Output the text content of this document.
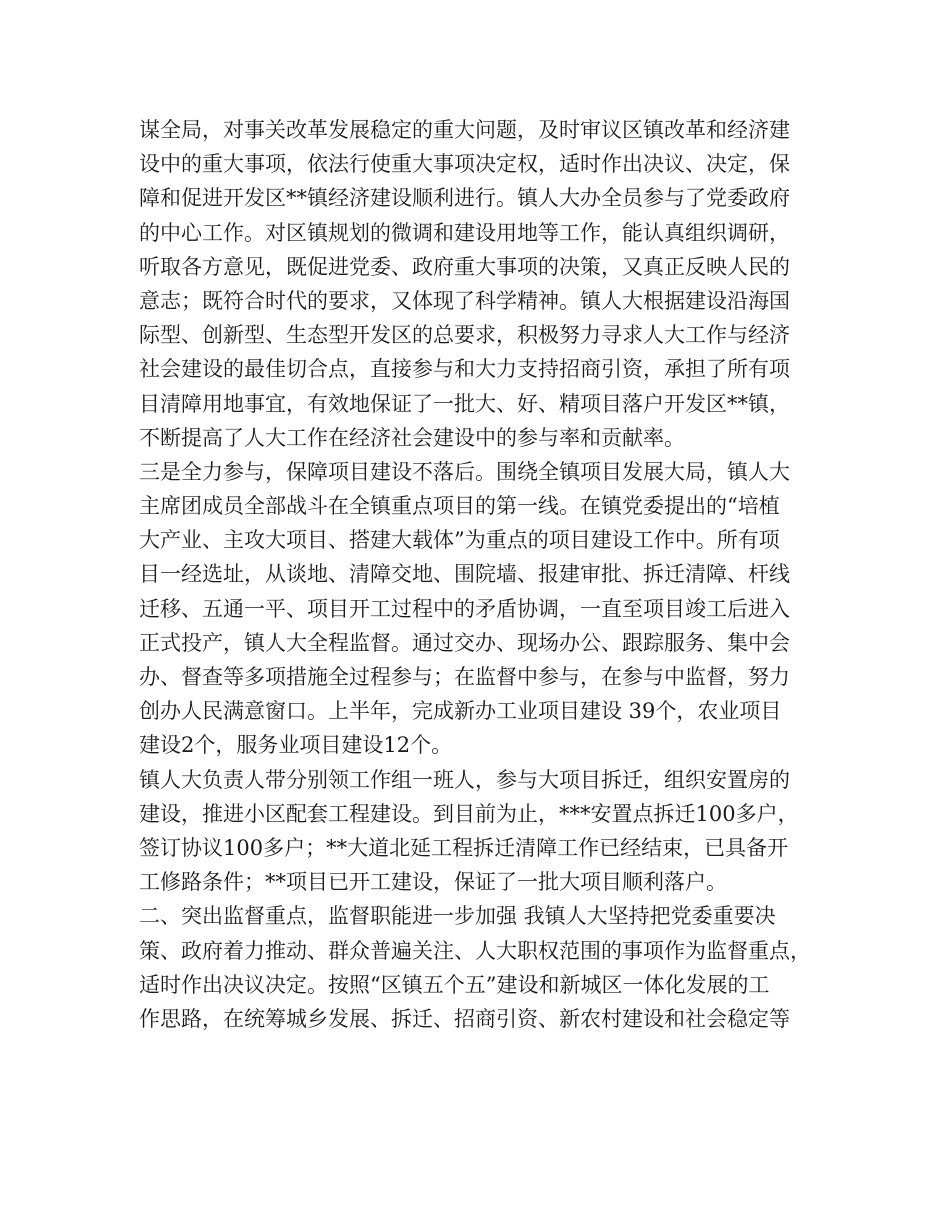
谋全局，对事关改革发展稳定的重大问题，及时审议区镇改革和经济建
设中的重大事项，依法行使重大事项决定权，适时作出决议、决定，保
障和促进开发区**镇经济建设顺利进行。镇人大办全员参与了党委政府
的中心工作。对区镇规划的微调和建设用地等工作，能认真组织调研，
听取各方意见，既促进党委、政府重大事项的决策，又真正反映人民的
意志；既符合时代的要求，又体现了科学精神。镇人大根据建设沿海国
际型、创新型、生态型开发区的总要求，积极努力寻求人大工作与经济
社会建设的最佳切合点，直接参与和大力支持招商引资，承担了所有项
目清障用地事宜，有效地保证了一批大、好、精项目落户开发区**镇，
不断提高了人大工作在经济社会建设中的参与率和贡献率。
三是全力参与，保障项目建设不落后。围绕全镇项目发展大局，镇人大
主席团成员全部战斗在全镇重点项目的第一线。在镇党委提出的“培植
大产业、主攻大项目、搭建大载体”为重点的项目建设工作中。所有项
目一经选址，从谈地、清障交地、围院墙、报建审批、拆迁清障、杆线
迁移、五通一平、项目开工过程中的矛盾协调，一直至项目竣工后进入
正式投产，镇人大全程监督。通过交办、现场办公、跟踪服务、集中会
办、督查等多项措施全过程参与；在监督中参与，在参与中监督，努力
创办人民满意窗口。上半年，完成新办工业项目建设 39个，农业项目
建设2个，服务业项目建设12个。
镇人大负责人带分别领工作组一班人，参与大项目拆迁，组织安置房的
建设，推进小区配套工程建设。到目前为止，***安置点拆迁100多户，
签订协议100多户；**大道北延工程拆迁清障工作已经结束，已具备开
工修路条件；**项目已开工建设，保证了一批大项目顺利落户。
二、突出监督重点，监督职能进一步加强 我镇人大坚持把党委重要决
策、政府着力推动、群众普遍关注、人大职权范围的事项作为监督重点，
适时作出决议决定。按照“区镇五个五”建设和新城区一体化发展的工
作思路，在统筹城乡发展、拆迁、招商引资、新农村建设和社会稳定等
